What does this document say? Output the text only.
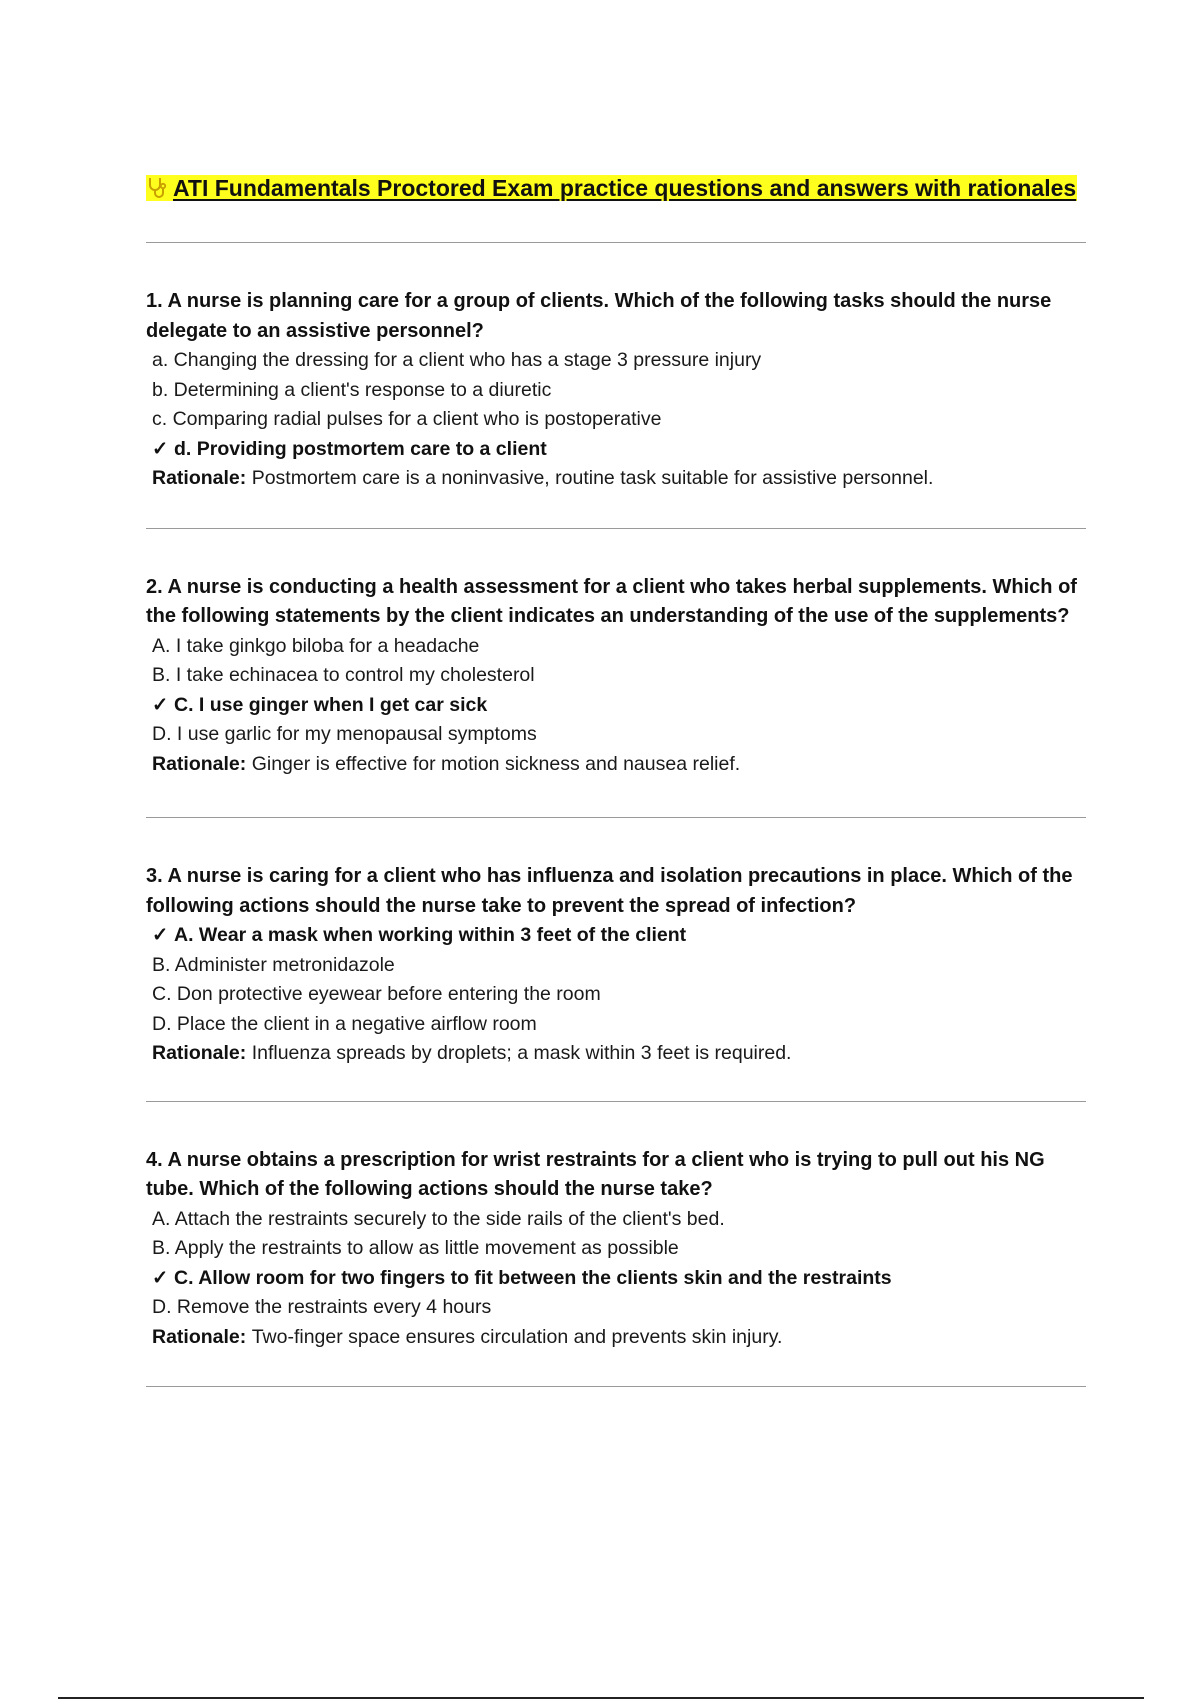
ATI Fundamentals Proctored Exam practice questions and answers with rationales

1. A nurse is planning care for a group of clients. Which of the following tasks should the nurse delegate to an assistive personnel?

a. Changing the dressing for a client who has a stage 3 pressure injury

b. Determining a client's response to a diuretic

c. Comparing radial pulses for a client who is postoperative

✓ d. Providing postmortem care to a client

Rationale: Postmortem care is a noninvasive, routine task suitable for assistive personnel.

2. A nurse is conducting a health assessment for a client who takes herbal supplements. Which of the following statements by the client indicates an understanding of the use of the supplements?

A. I take ginkgo biloba for a headache

B. I take echinacea to control my cholesterol

✓ C. I use ginger when I get car sick

D. I use garlic for my menopausal symptoms

Rationale: Ginger is effective for motion sickness and nausea relief.

3. A nurse is caring for a client who has influenza and isolation precautions in place. Which of the following actions should the nurse take to prevent the spread of infection?

✓ A. Wear a mask when working within 3 feet of the client

B. Administer metronidazole

C. Don protective eyewear before entering the room

D. Place the client in a negative airflow room

Rationale: Influenza spreads by droplets; a mask within 3 feet is required.

4. A nurse obtains a prescription for wrist restraints for a client who is trying to pull out his NG tube. Which of the following actions should the nurse take?

A. Attach the restraints securely to the side rails of the client's bed.

B. Apply the restraints to allow as little movement as possible

✓ C. Allow room for two fingers to fit between the clients skin and the restraints

D. Remove the restraints every 4 hours

Rationale: Two-finger space ensures circulation and prevents skin injury.
